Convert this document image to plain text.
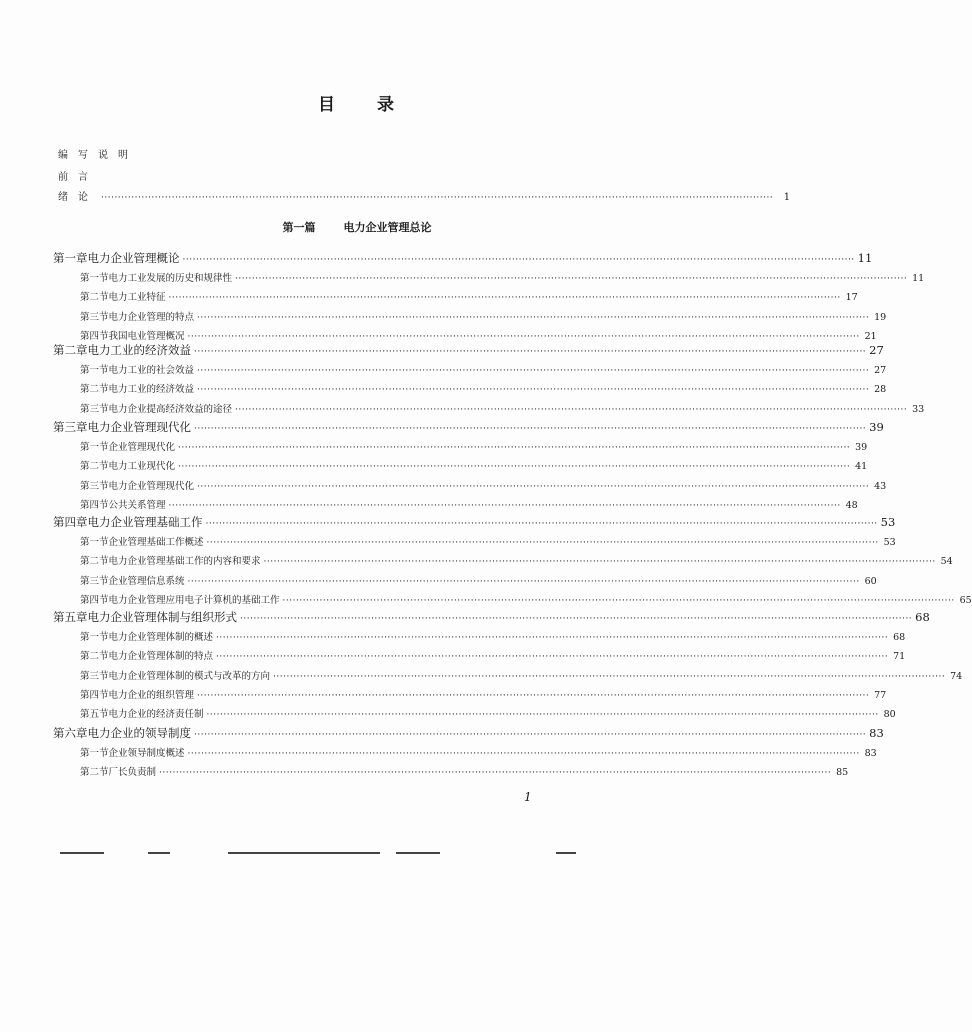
目 录
编写说明
前言
绪论 ········································································································································································································	1
第一篇	电力企业管理总论
第一章 电力企业管理概论 ········································································································································································································ 11
第一节 电力工业发展的历史和规律性 ········································································································································································································ 11
第二节 电力工业特征 ········································································································································································································ 17
第三节 电力企业管理的特点 ········································································································································································································ 19
第四节 我国电业管理概况 ········································································································································································································ 21
第二章 电力工业的经济效益 ········································································································································································································ 27
第一节 电力工业的社会效益 ········································································································································································································ 27
第二节 电力工业的经济效益 ········································································································································································································ 28
第三节 电力企业提高经济效益的途径 ········································································································································································································ 33
第三章 电力企业管理现代化 ········································································································································································································ 39
第一节 企业管理现代化 ········································································································································································································ 39
第二节 电力工业现代化 ········································································································································································································ 41
第三节 电力企业管理现代化 ········································································································································································································ 43
第四节 公共关系管理 ········································································································································································································ 48
第四章 电力企业管理基础工作 ········································································································································································································ 53
第一节 企业管理基础工作概述 ········································································································································································································ 53
第二节 电力企业管理基础工作的内容和要求 ········································································································································································································ 54
第三节 企业管理信息系统 ········································································································································································································ 60
第四节 电力企业管理应用电子计算机的基础工作 ········································································································································································································ 65
第五章 电力企业管理体制与组织形式 ········································································································································································································ 68
第一节 电力企业管理体制的概述 ········································································································································································································ 68
第二节 电力企业管理体制的特点 ········································································································································································································ 71
第三节 电力企业管理体制的模式与改革的方向 ········································································································································································································ 74
第四节 电力企业的组织管理 ········································································································································································································ 77
第五节 电力企业的经济责任制 ········································································································································································································ 80
第六章 电力企业的领导制度 ········································································································································································································ 83
第一节 企业领导制度概述 ········································································································································································································ 83
第二节 厂长负责制 ········································································································································································································ 85
1
